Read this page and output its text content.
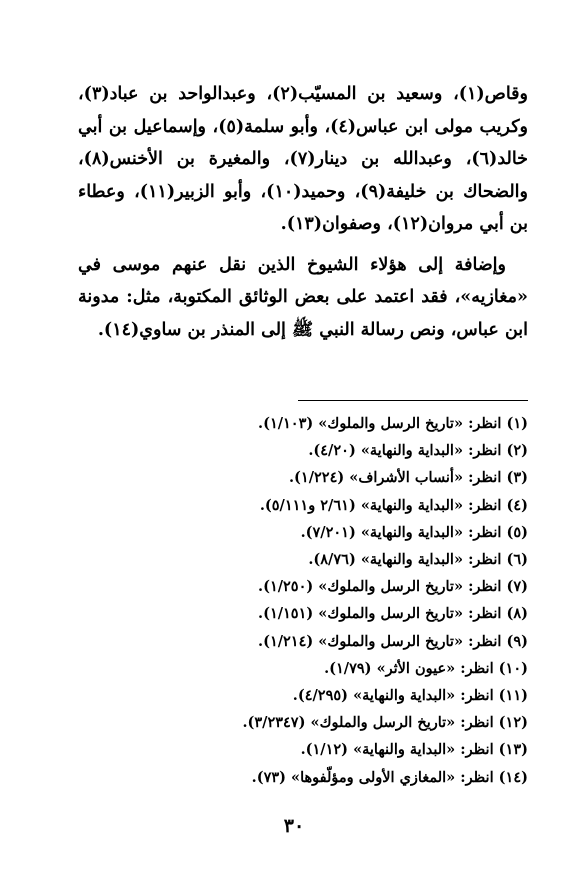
وقاص(١)، وسعيد بن المسيّب(٢)، وعبدالواحد بن عباد(٣)، وكريب مولى ابن عباس(٤)، وأبو سلمة(٥)، وإسماعيل بن أبي خالد(٦)، وعبدالله بن دينار(٧)، والمغيرة بن الأخنس(٨)، والضحاك بن خليفة(٩)، وحميد(١٠)، وأبو الزبير(١١)، وعطاء بن أبي مروان(١٢)، وصفوان(١٣).

وإضافة إلى هؤلاء الشيوخ الذين نقل عنهم موسى في «مغازيه»، فقد اعتمد على بعض الوثائق المكتوبة، مثل: مدونة ابن عباس، ونص رسالة النبي ﷺ إلى المنذر بن ساوي(١٤).

(١) انظر: «تاريخ الرسل والملوك» (١/١٠٣).
(٢) انظر: «البداية والنهاية» (٤/٢٠).
(٣) انظر: «أنساب الأشراف» (١/٢٢٤).
(٤) انظر: «البداية والنهاية» (٢/٦١ و٥/١١١).
(٥) انظر: «البداية والنهاية» (٧/٢٠١).
(٦) انظر: «البداية والنهاية» (٨/٧٦).
(٧) انظر: «تاريخ الرسل والملوك» (١/٢٥٠).
(٨) انظر: «تاريخ الرسل والملوك» (١/١٥١).
(٩) انظر: «تاريخ الرسل والملوك» (١/٢١٤).
(١٠) انظر: «عيون الأثر» (١/٧٩).
(١١) انظر: «البداية والنهاية» (٤/٢٩٥).
(١٢) انظر: «تاريخ الرسل والملوك» (٣/٢٣٤٧).
(١٣) انظر: «البداية والنهاية» (١/١٢).
(١٤) انظر: «المغازي الأولى ومؤلّفوها» (٧٣).
٣٠
